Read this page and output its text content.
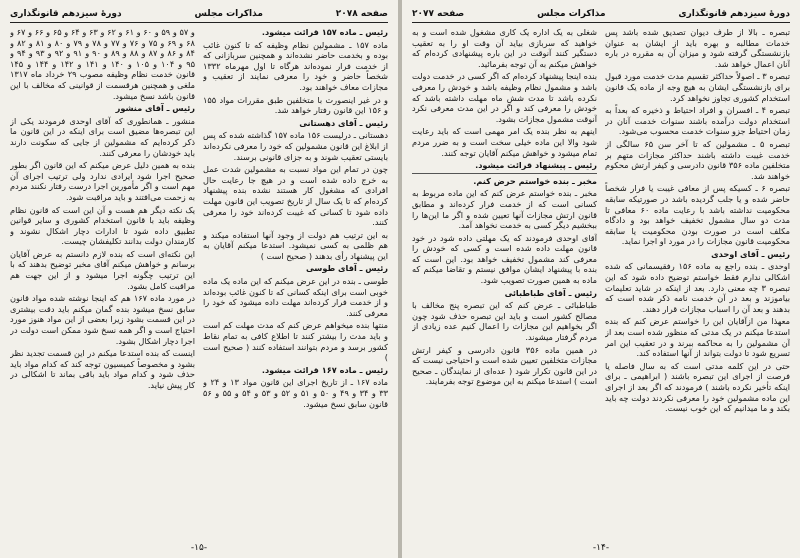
صفحه ۲۰۷۸
مذاکرات مجلس
دورهٔ سیزدهم قانونگذاری

رئیس ـ ماده ۱۵۷ قرائت میشود.

ماده ۱۵۷ ـ مشمولین نظام وظیفه که تا کنون غائب بوده و بخدمت حاضر نشده‌اند و همچنین سربازانی که از خدمت فرار نموده‌اند هرگاه تا اول مهرماه ۱۳۳۲ شخصاً حاضر و خود را معرفی نمایند از تعقیب و مجازات معاف خواهند بود.

و در غیر اینصورت با متخلفین طبق مقررات مواد ۱۵۵ و ۱۵۶ این قانون رفتار خواهد شد.

رئیس ـ آقای دهستانی

دهستانی ـ درلیست ۱۵۶ ماده ۱۵۷ گذاشته شده که پس از ابلاغ این قانون مشمولین که خود را معرفی نکرده‌اند بایستی تعقیب شوند و به جزای قانونی برسند.

چون در تمام این مواد نسبت به مشمولین شدت عمل به خرج داده شده است و در هیچ جا رعایت حال افرادی که مشغول کار هستند نشده بنده پیشنهاد کرده‌ام که تا یک سال از تاریخ تصویب این قانون مهلت داده شود تا کسانی که غیبت کرده‌اند خود را معرفی کنند.

به این ترتیب هم دولت از وجود آنها استفاده میکند و هم ظلمی به کسی نمیشود. استدعا میکنم آقایان به این پیشنهاد رأی بدهند ( صحیح است )

رئیس ـ آقای طوسی

طوسی ـ بنده در این عرض میکنم که این ماده یک ماده خوبی است برای اینکه کسانی که تا کنون غائب بوده‌اند و از خدمت فرار کرده‌اند مهلت داده میشود که خود را معرفی کنند.

منتها بنده میخواهم عرض کنم که مدت مهلت کم است و باید مدت را بیشتر کنند تا اطلاع کافی به تمام نقاط کشور برسد و مردم بتوانند استفاده کنند ( صحیح است )

رئیس ـ ماده ۱۶۷ قرائت میشود.

ماده ۱۶۷ ـ از تاریخ اجرای این قانون مواد ۱۳ و ۲۴ و ۳۳ و ۳۴ و ۴۹ و ۵۰ و ۵۱ و ۵۲ و ۵۳ و ۵۴ و ۵۵ و ۵۶ قانون سابق نسخ میشود.

و ۵۷ و ۵۹ و ۶۰ و ۶۱ و ۶۲ و ۶۳ و ۶۴ و ۶۵ و ۶۶ و ۶۷ و ۶۸ و ۶۹ و ۷۵ و ۷۶ و ۷۷ و ۷۸ و ۷۹ و ۸۰ و ۸۱ و ۸۲ و ۸۴ و ۸۶ و ۸۷ و ۸۸ و ۸۹ و ۹۰ و ۹۱ و ۹۲ و ۹۳ و ۹۴ و ۹۵ و ۱۰۴ و ۱۰۵ و ۱۴۰ و ۱۴۱ و ۱۴۲ و ۱۴۴ و ۱۴۵ قانون خدمت نظام وظیفه مصوب ۲۹ خرداد ماه ۱۳۱۷ ملغی و همچنین هرقسمت از قوانینی که مخالف با این قانون باشد نسخ میشود.

رئیس ـ آقای منشور

منشور ـ همانطوری که آقای اوحدی فرمودند یکی از این تبصره‌ها مضیق است برای اینکه در این قانون ما ذکر کرده‌ایم که مشمولین از جایی که سکونت دارند باید خودشان را معرفی کنند.

بنده به همین دلیل عرض میکنم که این قانون اگر بطور صحیح اجرا شود ایرادی ندارد ولی ترتیب اجرای آن مهم است و اگر مأمورین اجرا درست رفتار نکنند مردم به زحمت می‌افتند و باید مراقبت شود.

یک نکته دیگر هم هست و آن این است که قانون نظام وظیفه باید با قانون استخدام کشوری و سایر قوانین تطبیق داده شود تا ادارات دچار اشکال نشوند و کارمندان دولت بدانند تکلیفشان چیست.

این نکته‌ای است که بنده لازم دانستم به عرض آقایان برسانم و خواهش میکنم آقای مخبر توضیح بدهند که با این ترتیب چگونه اجرا میشود و از این جهت هم مراقبت کامل بشود.

در مورد ماده ۱۶۷ هم که اینجا نوشته شده مواد قانون سابق نسخ میشود بنده گمان میکنم باید دقت بیشتری در این قسمت بشود زیرا بعضی از این مواد هنوز مورد احتیاج است و اگر همه نسخ شود ممکن است دولت در اجرا دچار اشکال بشود.

اینست که بنده استدعا میکنم در این قسمت تجدید نظر بشود و مخصوصاً کمیسیون توجه کند که کدام مواد باید حذف شود و کدام مواد باید باقی بماند تا اشکالی در کار پیش نیاید.

-۱۵-
دورهٔ سیزدهم قانونگذاری
مذاکرات مجلس
صفحه ۲۰۷۷

تبصره ـ بالا از طرف دیوان تصدیق شده باشد پس خدمات مطالبه و بهره باید از ایشان به عنوان بازنشستگی گرفته شود و میزان آن به مقرره در باره آنان اعمال خواهد شد.

تبصره ۳ ـ اصولاً حداکثر تقسیم مدت خدمت مورد قبول برای بازنشستگی ایشان به هیچ وجه از ماده یک قانون استخدام کشوری تجاوز نخواهد کرد.

تبصره ۴ ـ افسران و افراد احتیاط و ذخیره که بعداً به استخدام دولت درآمده باشند سنوات خدمت آنان در زمان احتیاط جزو سنوات خدمت محسوب می‌شود.

تبصره ۵ ـ مشمولین که تا آخر سن ۶۵ سالگی از خدمت غیبت داشته باشند حداکثر مجازات متهم بر متخلفین ماده ۳۵۶ قانون دادرسی و کیفر ارتش محکوم خواهند شد.

تبصره ۶ ـ کسیکه پس از معافی غیبت یا فرار شخصاً حاضر شده و یا جلب گردیده باشد در صورتیکه سابقه محکومیت نداشته باشد با رعایت ماده ۶۰ معافی تا مدت دو سال مشمول تخفیف خواهد بود و دادگاه مکلف است در صورت بودن محکومیت یا سابقه محکومیت قانون مجازات را در مورد او اجرا نماید.

رئیس ـ آقای اوحدی

اوحدی ـ بنده راجع به ماده ۱۵۶ رفقیسمانی که شده اشکالی ندارم فقط خواستم توضیح داده شود که این تبصره ۳ چه معنی دارد. بعد از اینکه در شاید تعلیمات بیاموزند و بعد در آن خدمت نامه ذکر شده است که بدهند و بعد آن را اسباب مجازات قرار دهند.

معهذا من ازآقایان این را خواستم عرض کنم که بنده استدعا میکنم در یک مدتی که منظور شده است بعد از آن مشمولین را به محاکمه ببرند و در تعقیب این امر تسریع شود تا دولت بتواند از آنها استفاده کند.

حتی در این کلمه مدتی است که به سال فاصله یا فرصت از اجرای این تبصره باشند ( ابراهیمی ـ برای اینکه تأخیر نکرده باشند ) فرمودند که اگر بعد از اجرای این ماده مشمولین خود را معرفی نکردند دولت چه باید بکند و ما میدانیم که این خوب نیست.

شغلی به یک اداره یک کاری مشغول شده است و به خواهید که سربازی بیاید آن وقت او را به تعقیب دستگیر کنند آنوقت در این باره پیشنهادی کرده‌ام که خواهش میکنم به آن توجه بفرمائید.

بنده اینجا پیشنهاد کرده‌ام که اگر کسی در خدمت دولت باشد و مشمول نظام وظیفه باشد و خودش را معرفی نکرده باشد تا مدت شش ماه مهلت داشته باشد که خودش را معرفی کند و اگر در این مدت معرفی نکرد آنوقت مشمول مجازات بشود.

اینهم به نظر بنده یک امر مهمی است که باید رعایت شود والا این ماده خیلی سخت است و به ضرر مردم تمام میشود و خواهش میکنم آقایان توجه کنند.

رئیس ـ پیشنهاد قرائت میشود.

مخبر ـ بنده خواستم حرض کنم.

مخبر ـ بنده خواستم عرض کنم که این ماده مربوط به کسانی است که از خدمت فرار کرده‌اند و مطابق قانون ارتش مجازات آنها تعیین شده و اگر ما این‌ها را ببخشیم دیگر کسی به خدمت نخواهد آمد.

آقای اوحدی فرمودند که یک مهلتی داده شود در خود قانون مهلت داده شده است و کسی که خودش را معرفی کند مشمول تخفیف خواهد بود. این است که بنده با پیشنهاد ایشان موافق نیستم و تقاضا میکنم که ماده به همین صورت تصویب شود.

رئیس ـ آقای طباطبائی

طباطبائی ـ عرض کنم که این تبصره پنج مخالف با مصالح کشور است و باید این تبصره حذف شود چون اگر بخواهیم این مجازات را اعمال کنیم عده زیادی از مردم گرفتار میشوند.

در همین ماده ۳۵۶ قانون دادرسی و کیفر ارتش مجازات متخلفین تعیین شده است و احتیاجی نیست که در این قانون تکرار شود ( عده‌ای از نمایندگان ـ صحیح است ) استدعا میکنم به این موضوع توجه بفرمایند.

-۱۴-
